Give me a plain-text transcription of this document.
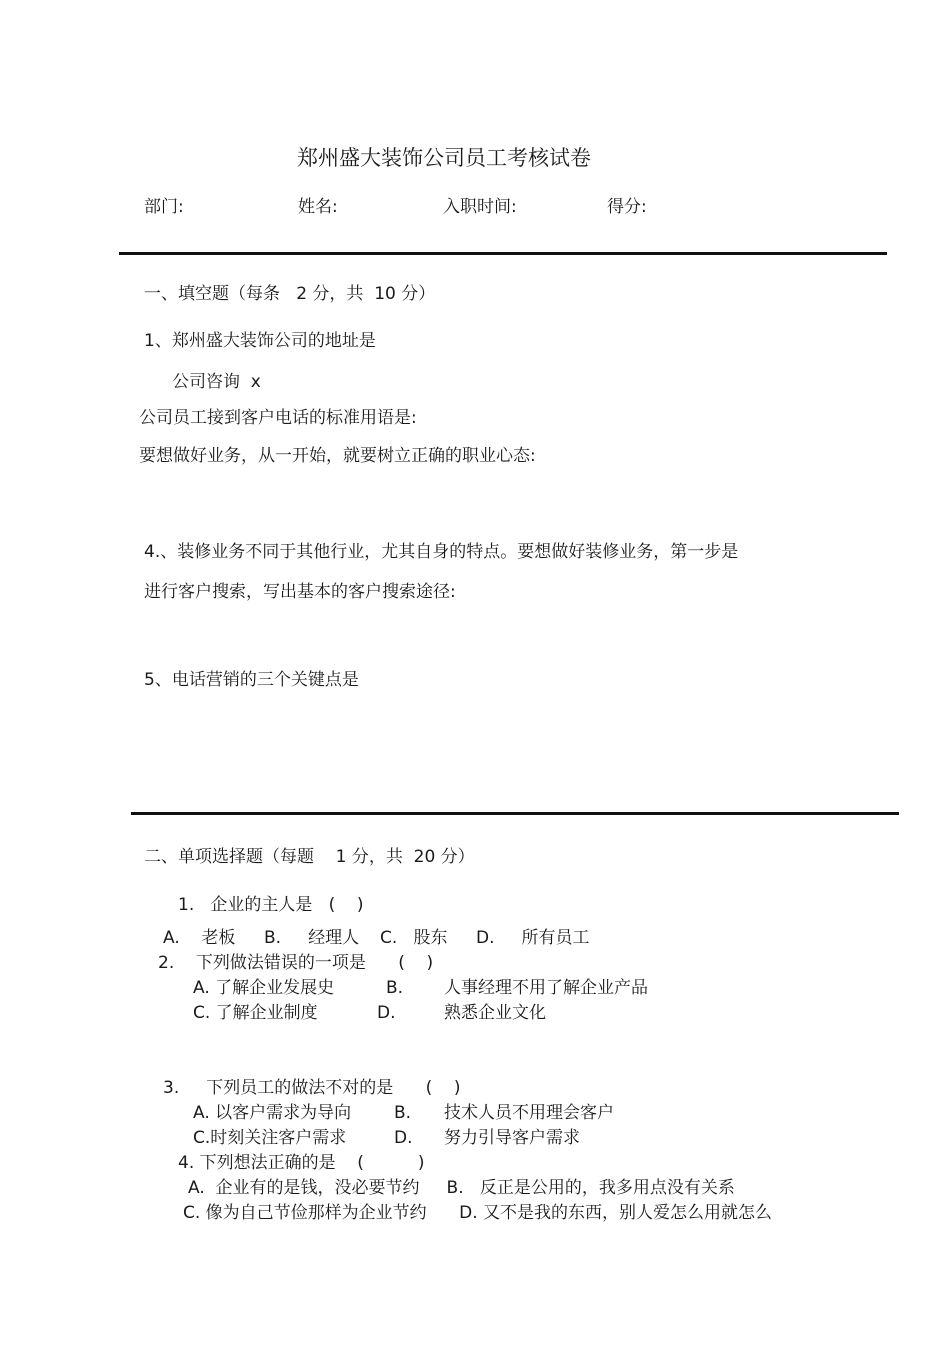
郑州盛大装饰公司员工考核试卷
部门:	姓名:	入职时间:	得分:
一、填空题（每条   2 分，共  10 分）
1、郑州盛大装饰公司的地址是
公司咨询  x
公司员工接到客户电话的标准用语是:
要想做好业务，从一开始，就要树立正确的职业心态:
4.、装修业务不同于其他行业，尤其自身的特点。要想做好装修业务，第一步是
进行客户搜索，写出基本的客户搜索途径:
5、电话营销的三个关键点是
二、单项选择题（每题    1 分，共  20 分）
1.   企业的主人是   (    )
A.    老板 B.     经理人 C.   股东 D.     所有员工
2.    下列做法错误的一项是      (    )
A. 了解企业发展史	B. 人事经理不用了解企业产品
C. 了解企业制度	D.	熟悉企业文化
3.     下列员工的做法不对的是      (    )
A. 以客户需求为导向	B. 技术人员不用理会客户
C.时刻关注客户需求	D. 努力引导客户需求
4. 下列想法正确的是    (          )
A.  企业有的是钱，没必要节约     B.   反正是公用的，我多用点没有关系
C. 像为自己节俭那样为企业节约      D. 又不是我的东西，别人爱怎么用就怎么
